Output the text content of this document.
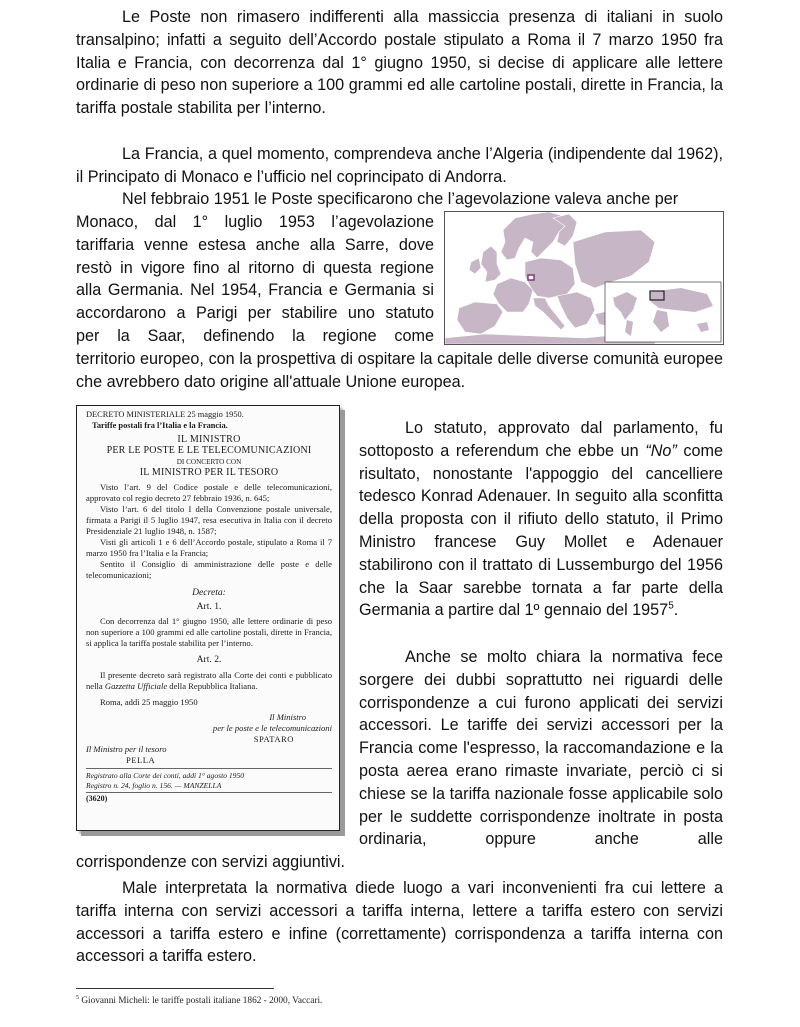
Le Poste non rimasero indifferenti alla massiccia presenza di italiani in suolo transalpino; infatti a seguito dell’Accordo postale stipulato a Roma il 7 marzo 1950 fra Italia e Francia, con decorrenza dal 1° giugno 1950, si decise di applicare alle lettere ordinarie di peso non superiore a 100 grammi ed alle cartoline postali, dirette in Francia, la tariffa postale stabilita per l’interno.

La Francia, a quel momento, comprendeva anche l’Algeria (indipendente dal 1962), il Principato di Monaco e l’ufficio nel coprincipato di Andorra.

Nel febbraio 1951 le Poste specificarono che l’agevolazione valeva anche per

Monaco, dal 1° luglio 1953 l’agevolazione

tariffaria venne estesa anche alla Sarre, dove

restò in vigore fino al ritorno di questa regione

alla Germania. Nel 1954, Francia e Germania si

accordarono a Parigi per stabilire uno statuto

per la Saar, definendo la regione come

territorio europeo, con la prospettiva di ospitare la capitale delle diverse comunità europee che avrebbero dato origine all'attuale Unione europea.

DECRETO MINISTERIALE 25 maggio 1950.

Tariffe postali fra l’Italia e la Francia.

IL MINISTRO

PER LE POSTE E LE TELECOMUNICAZIONI

DI CONCERTO CON

IL MINISTRO PER IL TESORO

Visto l’art. 9 del Codice postale e delle telecomunicazioni, approvato col regio decreto 27 febbraio 1936, n. 645;

Visto l’art. 6 del titolo I della Convenzione postale universale, firmata a Parigi il 5 luglio 1947, resa esecutiva in Italia con il decreto Presidenziale 21 luglio 1948, n. 1587;

Visti gli articoli 1 e 6 dell’Accordo postale, stipulato a Roma il 7 marzo 1950 fra l’Italia e la Francia;

Sentito il Consiglio di amministrazione delle poste e delle telecomunicazioni;

Decreta:

Art. 1.

Con decorrenza dal 1° giugno 1950, alle lettere ordinarie di peso non superiore a 100 grammi ed alle cartoline postali, dirette in Francia, si applica la tariffa postale stabilita per l’interno.

Art. 2.

Il presente decreto sarà registrato alla Corte dei conti e pubblicato nella Gazzetta Ufficiale della Repubblica Italiana.

Roma, addì 25 maggio 1950

Il Ministro

per le poste e le telecomunicazioni

SPATARO

Il Ministro per il tesoro

PELLA

Registrato alla Corte dei conti, addì 1° agosto 1950

Registro n. 24, foglio n. 156. — MANZELLA

(3620)

Lo statuto, approvato dal parlamento, fu sottoposto a referendum che ebbe un “No” come risultato, nonostante l'appoggio del cancelliere tedesco Konrad Adenauer. In seguito alla sconfitta della proposta con il rifiuto dello statuto, il Primo Ministro francese Guy Mollet e Adenauer stabilirono con il trattato di Lussemburgo del 1956 che la Saar sarebbe tornata a far parte della Germania a partire dal 1º gennaio del 1957$^5$.

Anche se molto chiara la normativa fece sorgere dei dubbi soprattutto nei riguardi delle corrispondenze a cui furono applicati dei servizi accessori. Le tariffe dei servizi accessori per la Francia come l'espresso, la raccomandazione e la posta aerea erano rimaste invariate, perciò ci si chiese se la tariffa nazionale fosse applicabile solo per le suddette corrispondenze inoltrate in posta ordinaria, oppure anche alle

corrispondenze con servizi aggiuntivi.

Male interpretata la normativa diede luogo a vari inconvenienti fra cui lettere a tariffa interna con servizi accessori a tariffa interna, lettere a tariffa estero con servizi accessori a tariffa estero e infine (correttamente) corrispondenza a tariffa interna con accessori a tariffa estero.

$^5$ Giovanni Micheli: le tariffe postali italiane 1862 - 2000, Vaccari.
